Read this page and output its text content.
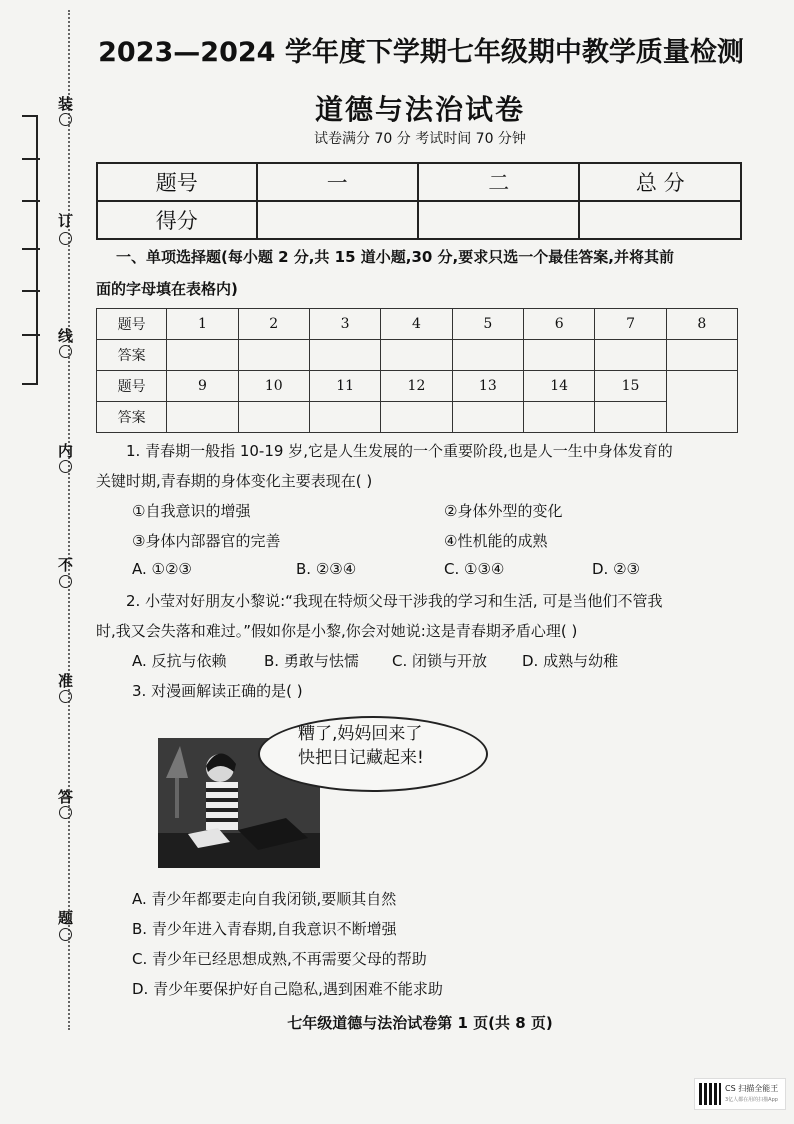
装
订
线
内
不
准
答
题
2023—2024 学年度下学期七年级期中教学质量检测
道德与法治试卷
试卷满分 70 分 考试时间 70 分钟
题号	一	二	总 分
得分			
一、单项选择题(每小题 2 分,共 15 道小题,30 分,要求只选一个最佳答案,并将其前
面的字母填在表格内)
题号	1	2	3	4	5	6	7	8
答案								
题号	9	10	11	12	13	14	15	
答案								
1. 青春期一般指 10-19 岁,它是人生发展的一个重要阶段,也是人一生中身体发育的
关键时期,青春期的身体变化主要表现在( )
①自我意识的增强	②身体外型的变化
③身体内部器官的完善	④性机能的成熟
A. ①②③	B. ②③④	C. ①③④	D. ②③
2. 小莹对好朋友小黎说:“我现在特烦父母干涉我的学习和生活, 可是当他们不管我
时,我又会失落和难过。”假如你是小黎,你会对她说:这是青春期矛盾心理( )
A. 反抗与依赖	B. 勇敢与怯懦	C. 闭锁与开放	D. 成熟与幼稚
3. 对漫画解读正确的是( )
糟了,妈妈回来了
快把日记藏起来!
A. 青少年都要走向自我闭锁,要顺其自然
B. 青少年进入青春期,自我意识不断增强
C. 青少年已经思想成熟,不再需要父母的帮助
D. 青少年要保护好自己隐私,遇到困难不能求助
七年级道德与法治试卷第 1 页(共 8 页)
CS 扫描全能王
3亿人都在用的扫描App
